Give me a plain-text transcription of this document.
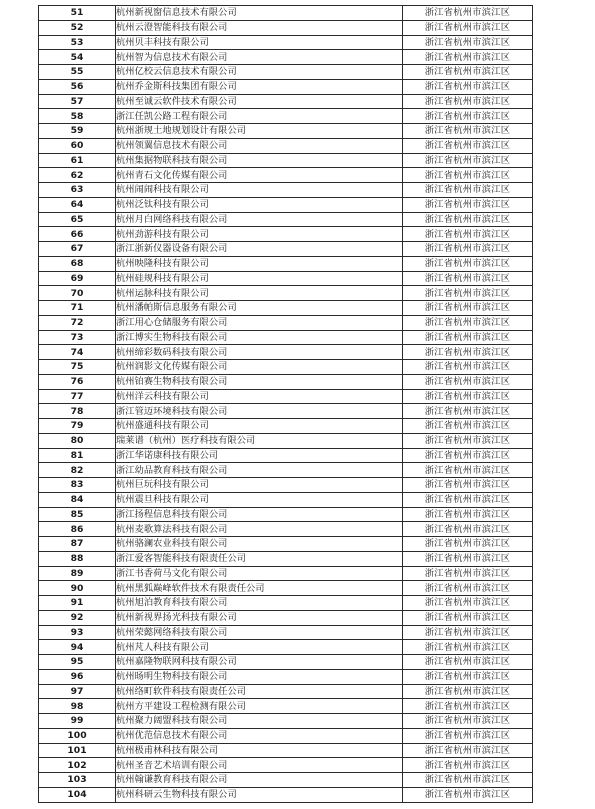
51	杭州新视窗信息技术有限公司	浙江省杭州市滨江区
52	杭州云澄智能科技有限公司	浙江省杭州市滨江区
53	杭州贝丰科技有限公司	浙江省杭州市滨江区
54	杭州智为信息技术有限公司	浙江省杭州市滨江区
55	杭州亿校云信息技术有限公司	浙江省杭州市滨江区
56	杭州乔金斯科技集团有限公司	浙江省杭州市滨江区
57	杭州至诚云软件技术有限公司	浙江省杭州市滨江区
58	浙江任凯公路工程有限公司	浙江省杭州市滨江区
59	杭州浙规土地规划设计有限公司	浙江省杭州市滨江区
60	杭州领翼信息技术有限公司	浙江省杭州市滨江区
61	杭州集据物联科技有限公司	浙江省杭州市滨江区
62	杭州青石文化传媒有限公司	浙江省杭州市滨江区
63	杭州闹闹科技有限公司	浙江省杭州市滨江区
64	杭州泛钛科技有限公司	浙江省杭州市滨江区
65	杭州月白网络科技有限公司	浙江省杭州市滨江区
66	杭州劲游科技有限公司	浙江省杭州市滨江区
67	浙江浙新仪器设备有限公司	浙江省杭州市滨江区
68	杭州映隆科技有限公司	浙江省杭州市滨江区
69	杭州硅规科技有限公司	浙江省杭州市滨江区
70	杭州运脉科技有限公司	浙江省杭州市滨江区
71	杭州潘帕斯信息服务有限公司	浙江省杭州市滨江区
72	浙江用心仓储服务有限公司	浙江省杭州市滨江区
73	浙江博实生物科技有限公司	浙江省杭州市滨江区
74	杭州缔彩数码科技有限公司	浙江省杭州市滨江区
75	杭州润影文化传媒有限公司	浙江省杭州市滨江区
76	杭州铂赛生物科技有限公司	浙江省杭州市滨江区
77	杭州洋云科技有限公司	浙江省杭州市滨江区
78	浙江管迈环境科技有限公司	浙江省杭州市滨江区
79	杭州盛通科技有限公司	浙江省杭州市滨江区
80	瑞莱谱（杭州）医疗科技有限公司	浙江省杭州市滨江区
81	浙江华诺康科技有限公司	浙江省杭州市滨江区
82	浙江幼品教育科技有限公司	浙江省杭州市滨江区
83	杭州巨玩科技有限公司	浙江省杭州市滨江区
84	杭州震旦科技有限公司	浙江省杭州市滨江区
85	浙江扬程信息科技有限公司	浙江省杭州市滨江区
86	杭州麦歌算法科技有限公司	浙江省杭州市滨江区
87	杭州骆澜农业科技有限公司	浙江省杭州市滨江区
88	浙江爱客智能科技有限责任公司	浙江省杭州市滨江区
89	浙江书香荷马文化有限公司	浙江省杭州市滨江区
90	杭州黑狐巅峰软件技术有限责任公司	浙江省杭州市滨江区
91	杭州旭泊教育科技有限公司	浙江省杭州市滨江区
92	杭州新视界扬光科技有限公司	浙江省杭州市滨江区
93	杭州荣懿网络科技有限公司	浙江省杭州市滨江区
94	杭州芃人科技有限公司	浙江省杭州市滨江区
95	杭州嘉隆物联网科技有限公司	浙江省杭州市滨江区
96	杭州旸明生物科技有限公司	浙江省杭州市滨江区
97	杭州络町软件科技有限责任公司	浙江省杭州市滨江区
98	杭州方平建设工程检测有限公司	浙江省杭州市滨江区
99	杭州聚力阔盟科技有限公司	浙江省杭州市滨江区
100	杭州优范信息技术有限公司	浙江省杭州市滨江区
101	杭州极甫林科技有限公司	浙江省杭州市滨江区
102	杭州圣音艺术培训有限公司	浙江省杭州市滨江区
103	杭州翰谦教育科技有限公司	浙江省杭州市滨江区
104	杭州科研云生物科技有限公司	浙江省杭州市滨江区
